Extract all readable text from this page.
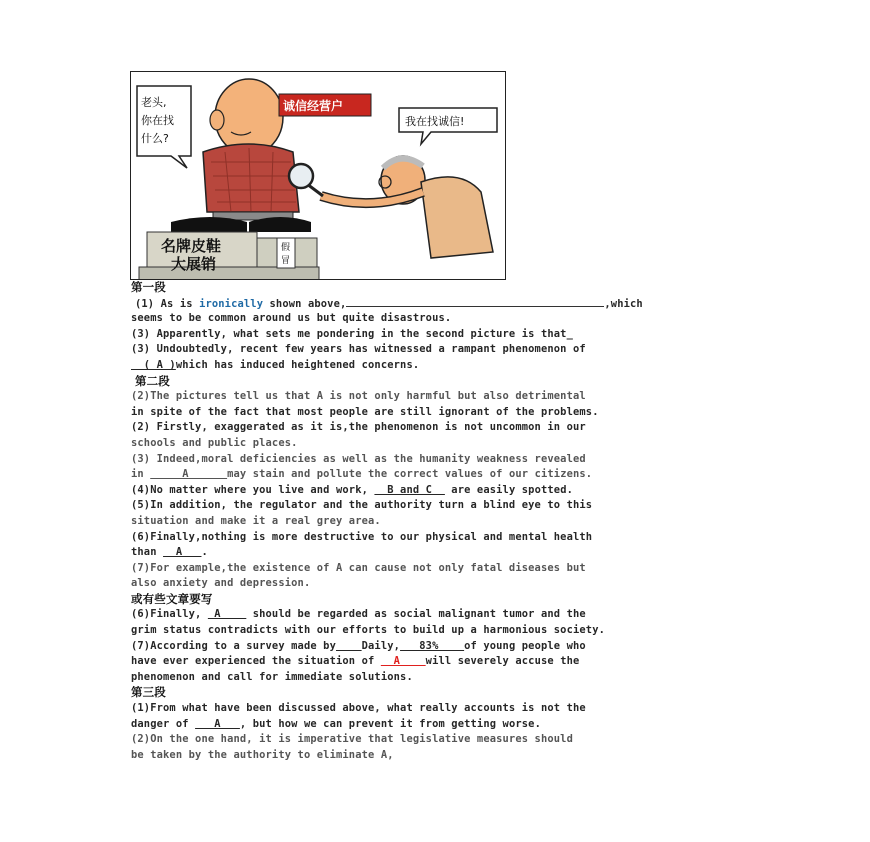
老头, 你在找 什么?
名牌皮鞋 大展销
假 冒
诚信经营户
我在找诚信!
第一段
(1) As is ironically shown above,	,which
seems to be common around us but quite disastrous.
(3) Apparently, what sets me pondering in the second picture is that_
(3) Undoubtedly, recent few years has witnessed a rampant phenomenon of
( A )which has induced heightened concerns.
第二段
(2)The pictures tell us that A is not only harmful but also detrimental
in spite of the fact that most people are still ignorant of the problems.
(2) Firstly, exaggerated as it is,the phenomenon is not uncommon in our
schools and public places.
(3) Indeed,moral deficiencies as well as the humanity weakness revealed
in      A      may stain and pollute the correct values of our citizens.
(4)No matter where you live and work,   B and C   are easily spotted.
(5)In addition, the regulator and the authority turn a blind eye to this
situation and make it a real grey area.
(6)Finally,nothing is more destructive to our physical and mental health
than   A   .
(7)For example,the existence of A can cause not only fatal diseases but
also anxiety and depression.
或有些文章要写
(6)Finally,  A     should be regarded as social malignant tumor and the
grim status contradicts with our efforts to build up a harmonious society.
(7)According to a survey made by Daily,   83%    of young people who
have ever experienced the situation of   A    will severely accuse the
phenomenon and call for immediate solutions.
第三段
(1)From what have been discussed above, what really accounts is not the
danger of    A   , but how we can prevent it from getting worse.
(2)On the one hand, it is imperative that legislative measures should
be taken by the authority to eliminate A,
